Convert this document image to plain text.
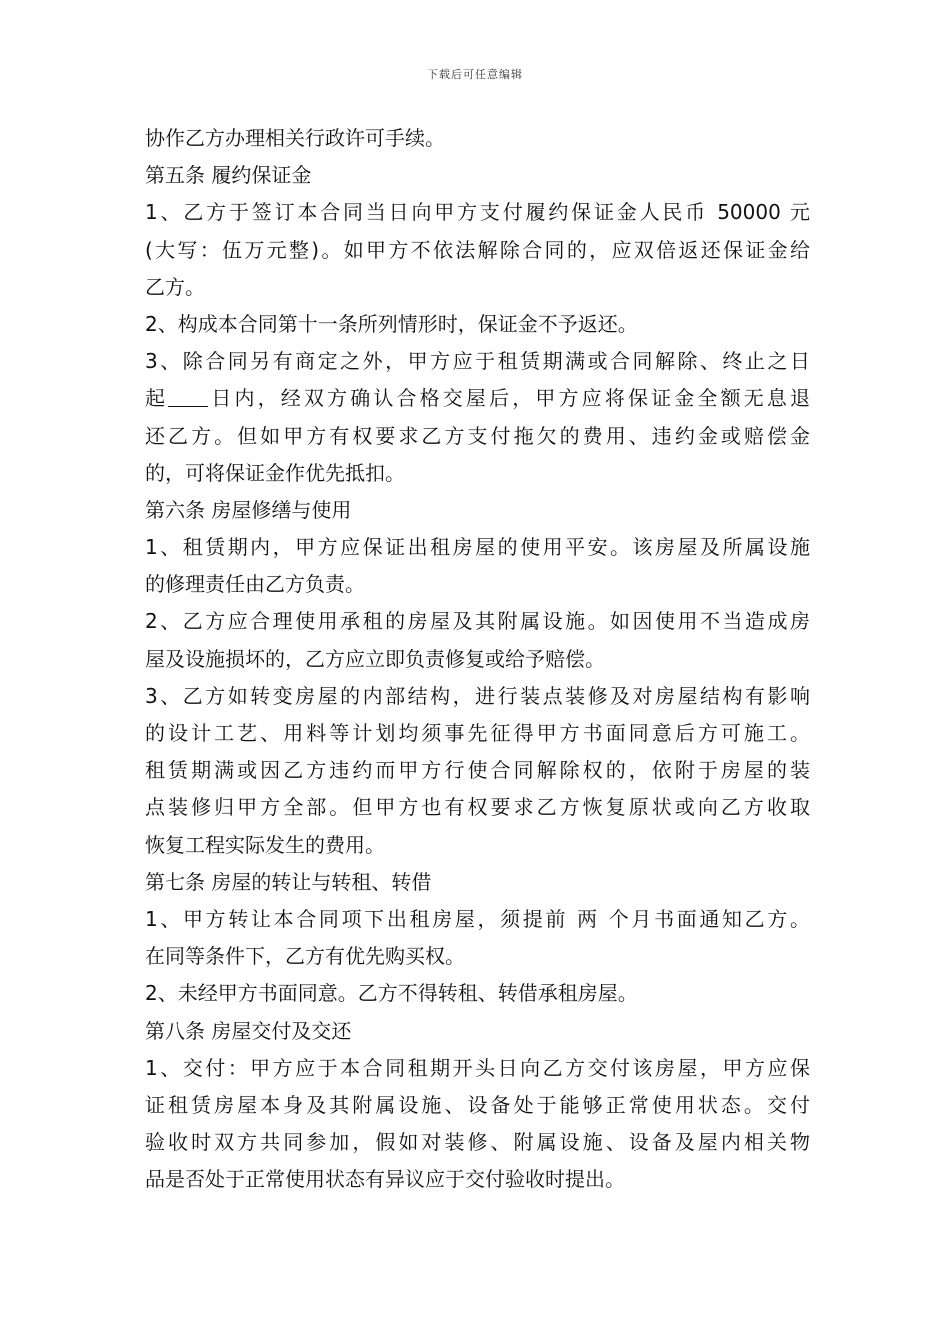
下载后可任意编辑
协作乙方办理相关行政许可手续。
第五条 履约保证金
1、乙方于签订本合同当日向甲方支付履约保证金人民币 50000 元
(大写：伍万元整)。如甲方不依法解除合同的，应双倍返还保证金给
乙方。
2、构成本合同第十一条所列情形时，保证金不予返还。
3、除合同另有商定之外，甲方应于租赁期满或合同解除、终止之日
起 日内，经双方确认合格交屋后，甲方应将保证金全额无息退
还乙方。但如甲方有权要求乙方支付拖欠的费用、违约金或赔偿金
的，可将保证金作优先抵扣。
第六条 房屋修缮与使用
1、租赁期内，甲方应保证出租房屋的使用平安。该房屋及所属设施
的修理责任由乙方负责。
2、乙方应合理使用承租的房屋及其附属设施。如因使用不当造成房
屋及设施损坏的，乙方应立即负责修复或给予赔偿。
3、乙方如转变房屋的内部结构，进行装点装修及对房屋结构有影响
的设计工艺、用料等计划均须事先征得甲方书面同意后方可施工。
租赁期满或因乙方违约而甲方行使合同解除权的，依附于房屋的装
点装修归甲方全部。但甲方也有权要求乙方恢复原状或向乙方收取
恢复工程实际发生的费用。
第七条 房屋的转让与转租、转借
1、甲方转让本合同项下出租房屋，须提前 两 个月书面通知乙方。
在同等条件下，乙方有优先购买权。
2、未经甲方书面同意。乙方不得转租、转借承租房屋。
第八条 房屋交付及交还
1、交付：甲方应于本合同租期开头日向乙方交付该房屋，甲方应保
证租赁房屋本身及其附属设施、设备处于能够正常使用状态。交付
验收时双方共同参加，假如对装修、附属设施、设备及屋内相关物
品是否处于正常使用状态有异议应于交付验收时提出。
